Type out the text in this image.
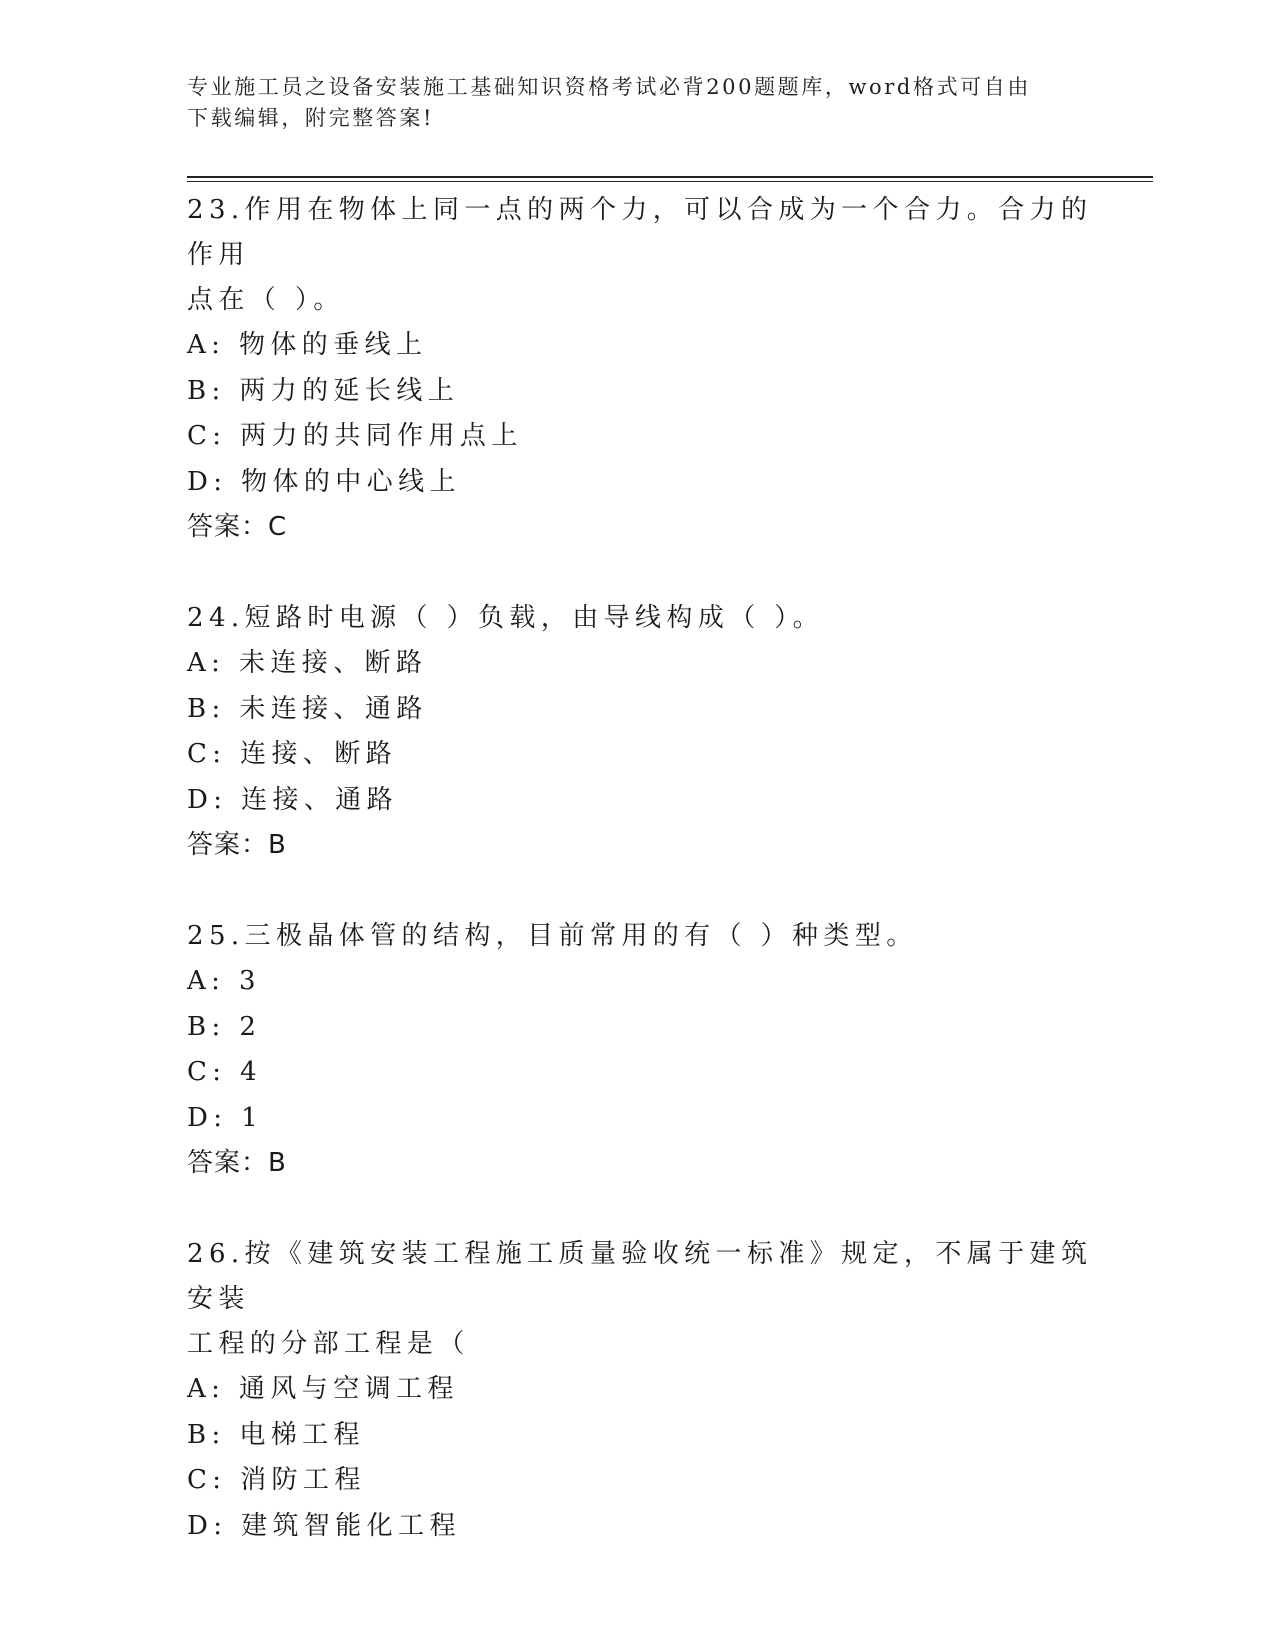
专业施工员之设备安装施工基础知识资格考试必背200题题库，word格式可自由
下载编辑，附完整答案!

23.作用在物体上同一点的两个力，可以合成为一个合力。合力的作用

点在（ ）。

A: 物体的垂线上

B: 两力的延长线上

C: 两力的共同作用点上

D: 物体的中心线上

答案：C

24.短路时电源（ ）负载，由导线构成（ ）。

A: 未连接、断路

B: 未连接、通路

C: 连接、断路

D: 连接、通路

答案：B

25.三极晶体管的结构，目前常用的有（ ）种类型。

A: 3

B: 2

C: 4

D: 1

答案：B

26.按《建筑安装工程施工质量验收统一标准》规定，不属于建筑安装

工程的分部工程是（

A: 通风与空调工程

B: 电梯工程

C: 消防工程

D: 建筑智能化工程
